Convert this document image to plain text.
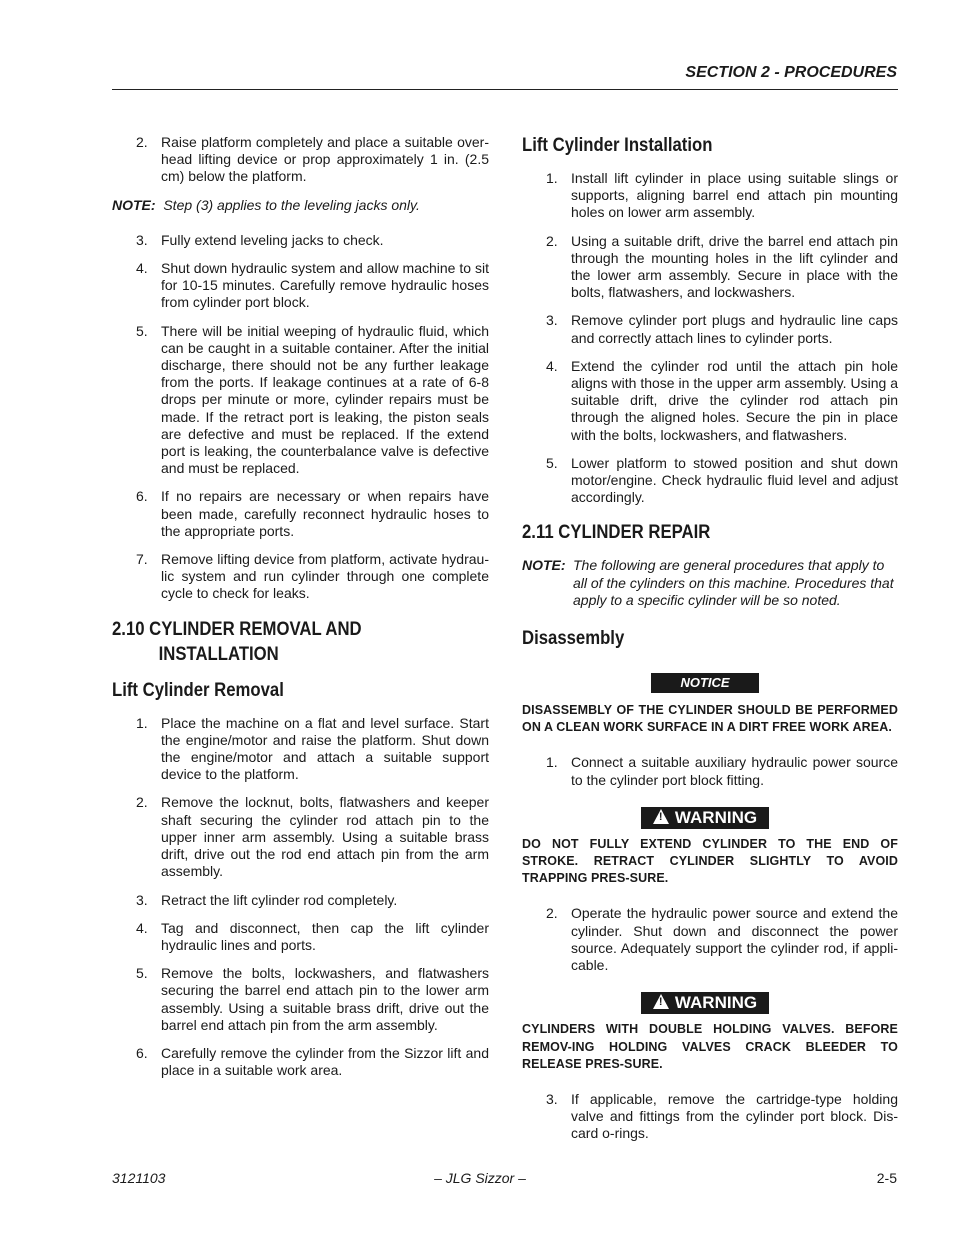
SECTION 2 - PROCEDURES
2. Raise platform completely and place a suitable over-head lifting device or prop approximately 1 in. (2.5 cm) below the platform.
NOTE: Step (3) applies to the leveling jacks only.
3. Fully extend leveling jacks to check.
4. Shut down hydraulic system and allow machine to sit for 10-15 minutes. Carefully remove hydraulic hoses from cylinder port block.
5. There will be initial weeping of hydraulic fluid, which can be caught in a suitable container. After the initial discharge, there should not be any further leakage from the ports. If leakage continues at a rate of 6-8 drops per minute or more, cylinder repairs must be made. If the retract port is leaking, the piston seals are defective and must be replaced. If the extend port is leaking, the counterbalance valve is defective and must be replaced.
6. If no repairs are necessary or when repairs have been made, carefully reconnect hydraulic hoses to the appropriate ports.
7. Remove lifting device from platform, activate hydrau-lic system and run cylinder through one complete cycle to check for leaks.
2.10 CYLINDER REMOVAL AND
INSTALLATION
Lift Cylinder Removal
1. Place the machine on a flat and level surface. Start the engine/motor and raise the platform. Shut down the engine/motor and attach a suitable support device to the platform.
2. Remove the locknut, bolts, flatwashers and keeper shaft securing the cylinder rod attach pin to the upper inner arm assembly. Using a suitable brass drift, drive out the rod end attach pin from the arm assembly.
3. Retract the lift cylinder rod completely.
4. Tag and disconnect, then cap the lift cylinder hydraulic lines and ports.
5. Remove the bolts, lockwashers, and flatwashers securing the barrel end attach pin to the lower arm assembly. Using a suitable brass drift, drive out the barrel end attach pin from the arm assembly.
6. Carefully remove the cylinder from the Sizzor lift and place in a suitable work area.
Lift Cylinder Installation
1. Install lift cylinder in place using suitable slings or supports, aligning barrel end attach pin mounting holes on lower arm assembly.
2. Using a suitable drift, drive the barrel end attach pin through the mounting holes in the lift cylinder and the lower arm assembly. Secure in place with the bolts, flatwashers, and lockwashers.
3. Remove cylinder port plugs and hydraulic line caps and correctly attach lines to cylinder ports.
4. Extend the cylinder rod until the attach pin hole aligns with those in the upper arm assembly. Using a suitable drift, drive the cylinder rod attach pin through the aligned holes. Secure the pin in place with the bolts, lockwashers, and flatwashers.
5. Lower platform to stowed position and shut down motor/engine. Check hydraulic fluid level and adjust accordingly.
2.11 CYLINDER REPAIR
NOTE: The following are general procedures that apply to all of the cylinders on this machine. Procedures that apply to a specific cylinder will be so noted.
Disassembly
NOTICE
DISASSEMBLY OF THE CYLINDER SHOULD BE PERFORMED ON A CLEAN WORK SURFACE IN A DIRT FREE WORK AREA.
1. Connect a suitable auxiliary hydraulic power source to the cylinder port block fitting.
!WARNING
DO NOT FULLY EXTEND CYLINDER TO THE END OF STROKE. RETRACT CYLINDER SLIGHTLY TO AVOID TRAPPING PRES-SURE.
2. Operate the hydraulic power source and extend the cylinder. Shut down and disconnect the power source. Adequately support the cylinder rod, if appli-cable.
!WARNING
CYLINDERS WITH DOUBLE HOLDING VALVES. BEFORE REMOV-ING HOLDING VALVES CRACK BLEEDER TO RELEASE PRES-SURE.
3. If applicable, remove the cartridge-type holding valve and fittings from the cylinder port block. Dis-card o-rings.
3121103	– JLG Sizzor –	2-5
